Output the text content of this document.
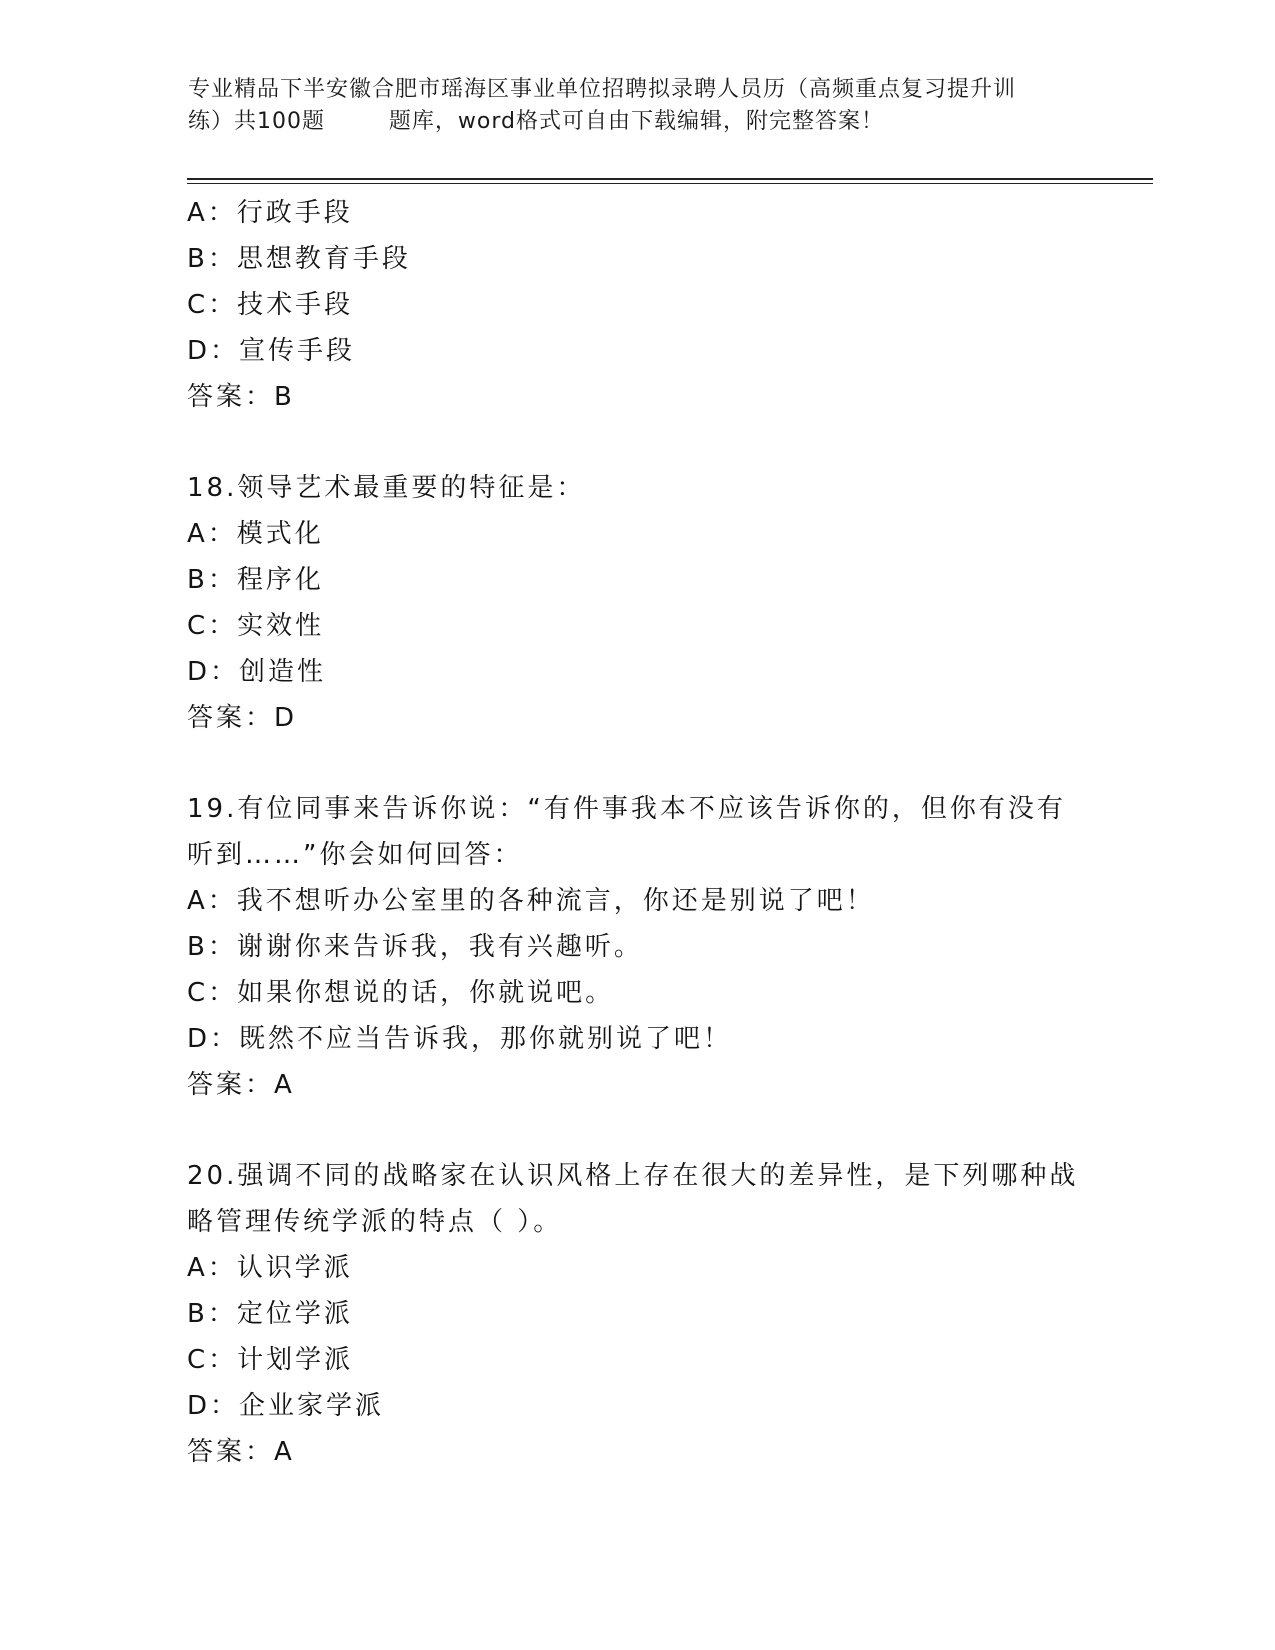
专业精品下半安徽合肥市瑶海区事业单位招聘拟录聘人员历（高频重点复习提升训
练）共100题        题库，word格式可自由下载编辑，附完整答案！
A：行政手段
B：思想教育手段
C：技术手段
D：宣传手段
答案：B
18.领导艺术最重要的特征是：
A：模式化
B：程序化
C：实效性
D：创造性
答案：D
19.有位同事来告诉你说：“有件事我本不应该告诉你的，但你有没有
听到……”你会如何回答：
A：我不想听办公室里的各种流言，你还是别说了吧！
B：谢谢你来告诉我，我有兴趣听。
C：如果你想说的话，你就说吧。
D：既然不应当告诉我，那你就别说了吧！
答案：A
20.强调不同的战略家在认识风格上存在很大的差异性，是下列哪种战
略管理传统学派的特点（ ）。
A：认识学派
B：定位学派
C：计划学派
D：企业家学派
答案：A
